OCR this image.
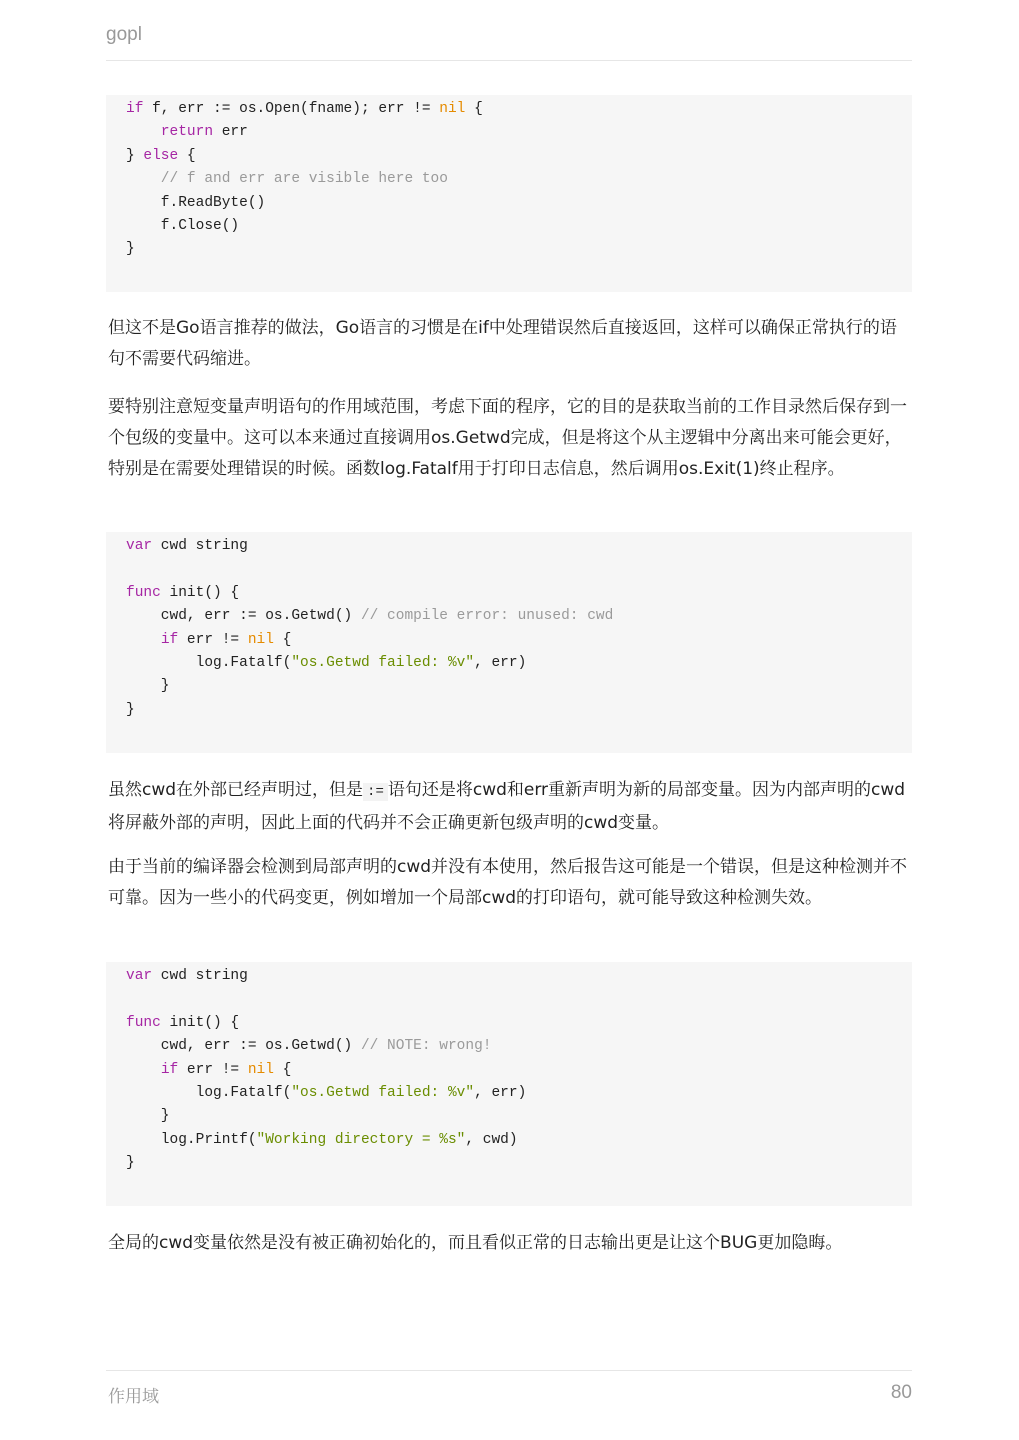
gopl
if f, err := os.Open(fname); err != nil {
return err
} else {
// f and err are visible here too
f.ReadByte()
f.Close()
}

但这不是Go语言推荐的做法，Go语言的习惯是在if中处理错误然后直接返回，这样可以确保正常执行的语句不需要代码缩进。

要特别注意短变量声明语句的作用域范围，考虑下面的程序，它的目的是获取当前的工作目录然后保存到一个包级的变量中。这可以本来通过直接调用os.Getwd完成，但是将这个从主逻辑中分离出来可能会更好，特别是在需要处理错误的时候。函数log.Fatalf用于打印日志信息，然后调用os.Exit(1)终止程序。

var cwd string
func init() {
cwd, err := os.Getwd() // compile error: unused: cwd
if err != nil {
log.Fatalf("os.Getwd failed: %v", err)
}
}

虽然cwd在外部已经声明过，但是 := 语句还是将cwd和err重新声明为新的局部变量。因为内部声明的cwd将屏蔽外部的声明，因此上面的代码并不会正确更新包级声明的cwd变量。

由于当前的编译器会检测到局部声明的cwd并没有本使用，然后报告这可能是一个错误，但是这种检测并不可靠。因为一些小的代码变更，例如增加一个局部cwd的打印语句，就可能导致这种检测失效。

var cwd string
func init() {
cwd, err := os.Getwd() // NOTE: wrong!
if err != nil {
log.Fatalf("os.Getwd failed: %v", err)
}
log.Printf("Working directory = %s", cwd)
}

全局的cwd变量依然是没有被正确初始化的，而且看似正常的日志输出更是让这个BUG更加隐晦。

作用域	80
